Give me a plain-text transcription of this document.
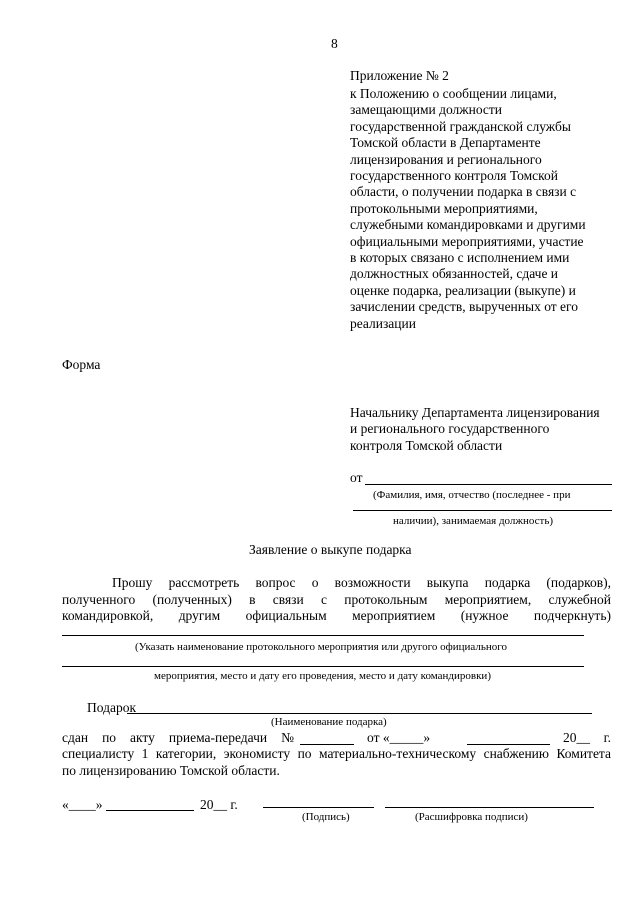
8
Приложение № 2
к Положению о сообщении лицами,
замещающими должности
государственной гражданской службы
Томской области в Департаменте
лицензирования и регионального
государственного контроля Томской
области, о получении подарка в связи с
протокольными мероприятиями,
служебными командировками и другими
официальными мероприятиями, участие
в которых связано с исполнением ими
должностных обязанностей, сдаче и
оценке подарка, реализации (выкупе) и
зачислении средств, вырученных от его
реализации
Форма
Начальнику Департамента лицензирования
и регионального государственного
контроля Томской области
от
(Фамилия, имя, отчество (последнее - при
наличии), занимаемая должность)
Заявление о выкупе подарка
Прошу рассмотреть вопрос о возможности выкупа подарка (подарков),
полученного (полученных) в связи с протокольным мероприятием, служебной
командировкой, другим официальным мероприятием (нужное подчеркнуть)
(Указать наименование протокольного мероприятия или другого официального
мероприятия, место и дату его проведения, место и дату командировки)
Подарок
(Наименование подарка)
сдан по акту приема-передачи №	от «_____»	20__ г.
специалисту 1 категории, экономисту по материально-техническому снабжению Комитета
по лицензированию Томской области.
«____»	20__ г.
(Подпись)	(Расшифровка подписи)
